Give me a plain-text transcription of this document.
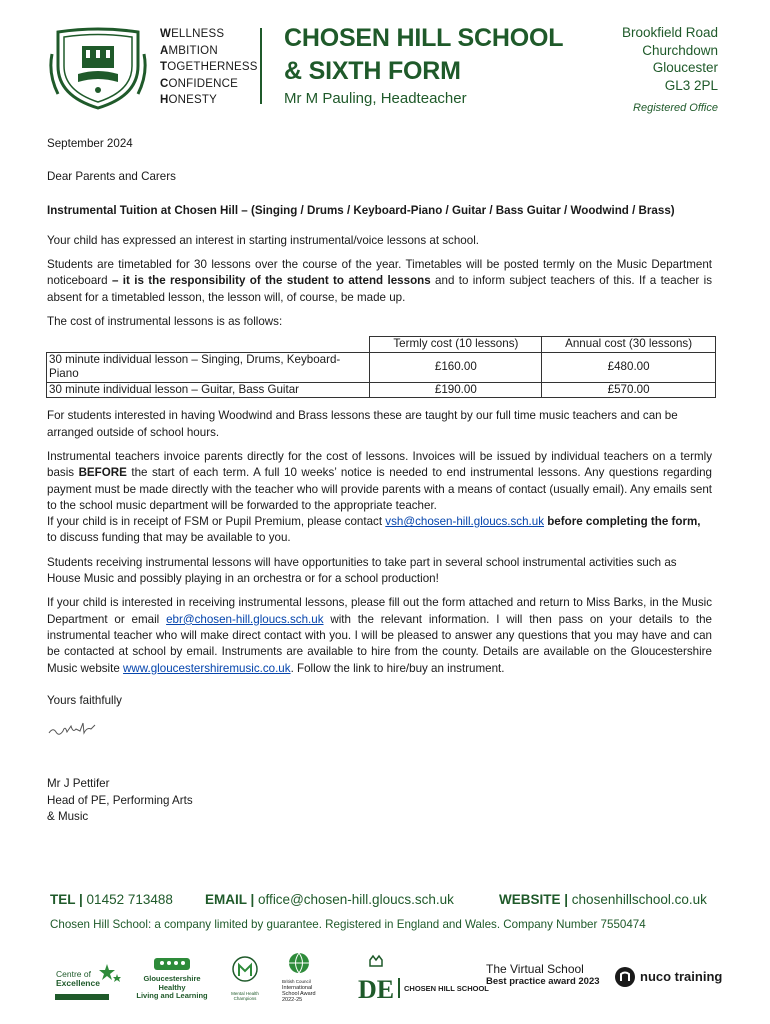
WELLNESS
AMBITION
TOGETHERNESS
CONFIDENCE
HONESTY
CHOSEN HILL SCHOOL
& SIXTH FORM
Mr M Pauling, Headteacher
Brookfield Road
Churchdown
Gloucester
GL3 2PL
Registered Office

September 2024

Dear Parents and Carers

Instrumental Tuition at Chosen Hill – (Singing / Drums / Keyboard-Piano / Guitar / Bass Guitar / Woodwind / Brass)

Your child has expressed an interest in starting instrumental/voice lessons at school.

Students are timetabled for 30 lessons over the course of the year. Timetables will be posted termly on the Music Department noticeboard – it is the responsibility of the student to attend lessons and to inform subject teachers of this. If a teacher is absent for a timetabled lesson, the lesson will, of course, be made up.

The cost of instrumental lessons is as follows:

	Termly cost (10 lessons)	Annual cost (30 lessons)
30 minute individual lesson – Singing, Drums, Keyboard-Piano	£160.00	£480.00
30 minute individual lesson – Guitar, Bass Guitar	£190.00	£570.00

For students interested in having Woodwind and Brass lessons these are taught by our full time music teachers and can be arranged outside of school hours.

Instrumental teachers invoice parents directly for the cost of lessons. Invoices will be issued by individual teachers on a termly basis BEFORE the start of each term. A full 10 weeks’ notice is needed to end instrumental lessons. Any questions regarding payment must be made directly with the teacher who will provide parents with a means of contact (usually email). Any emails sent to the school music department will be forwarded to the appropriate teacher.

If your child is in receipt of FSM or Pupil Premium, please contact vsh@chosen-hill.gloucs.sch.uk before completing the form, to discuss funding that may be available to you.

Students receiving instrumental lessons will have opportunities to take part in several school instrumental activities such as House Music and possibly playing in an orchestra or for a school production!

If your child is interested in receiving instrumental lessons, please fill out the form attached and return to Miss Barks, in the Music Department or email ebr@chosen-hill.gloucs.sch.uk with the relevant information. I will then pass on your details to the instrumental teacher who will make direct contact with you. I will be pleased to answer any questions that you may have and can be contacted at school by email. Instruments are available to hire from the county. Details are available on the Gloucestershire Music website www.gloucestershiremusic.co.uk. Follow the link to hire/buy an instrument.

Yours faithfully

Mr J Pettifer
Head of PE, Performing Arts
& Music
TEL | 01452 713488 EMAIL | office@chosen-hill.gloucs.sch.uk	WEBSITE | chosenhillschool.co.uk
Chosen Hill School: a company limited by guarantee. Registered in England and Wales. Company Number 7550474
Centre of
Excellence	Gloucestershire
Healthy
Living and Learning	Mental Health
Champions
British Council
International
School Award
2022-25	DE CHOSEN HILL SCHOOL
The Virtual School
Best practice award 2023	nuco training
